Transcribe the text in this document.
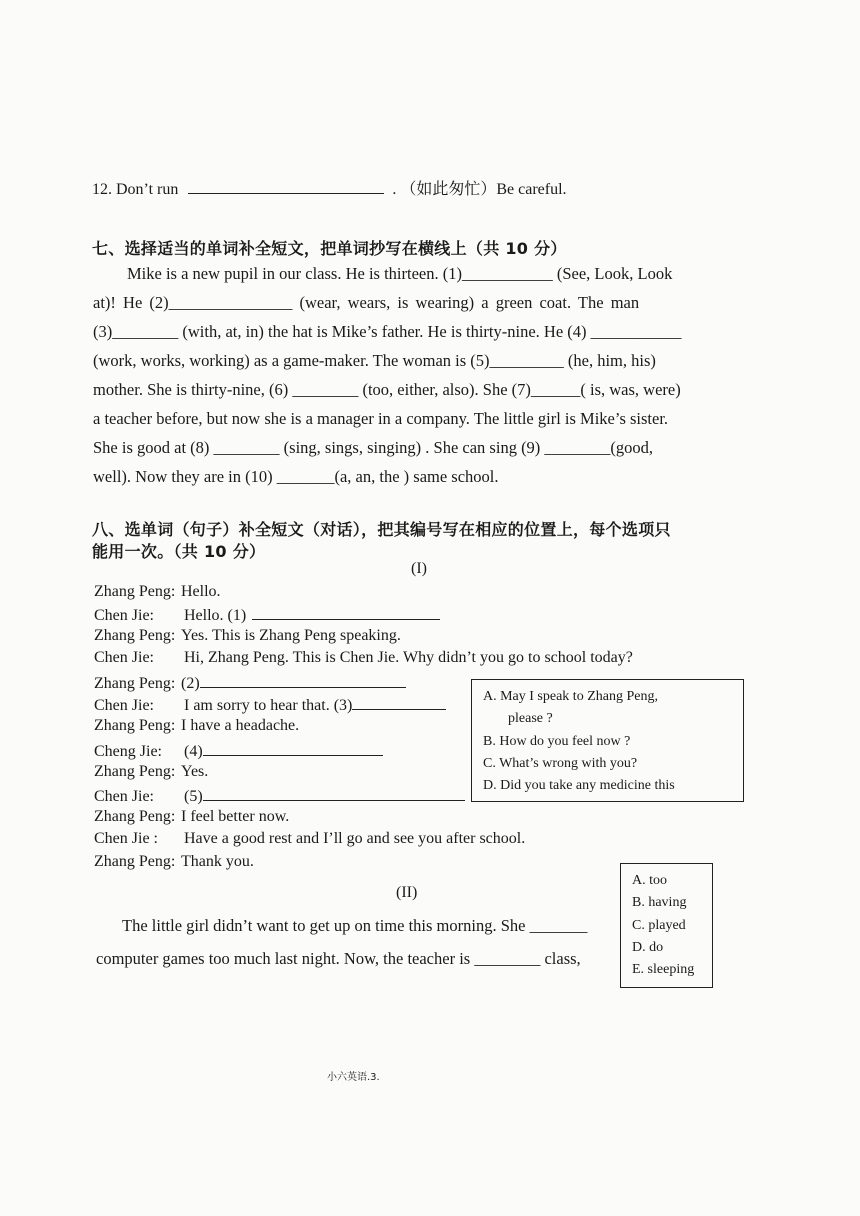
12. Don’t run	. （如此匆忙）Be careful.
七、选择适当的单词补全短文，把单词抄写在横线上（共 10 分）
Mike is a new pupil in our class. He is thirteen. (1)___________ (See, Look, Look
at)! He (2)_______________ (wear, wears, is wearing) a green coat. The man
(3)________ (with, at, in) the hat is Mike’s father. He is thirty-nine. He (4) ___________
(work, works, working) as a game-maker. The woman is (5)_________ (he, him, his)
mother. She is thirty-nine, (6) ________ (too, either, also). She (7)______( is, was, were)
a teacher before, but now she is a manager in a company. The little girl is Mike’s sister.
She is good at (8) ________ (sing, sings, singing) . She can sing (9) ________(good,
well). Now they are in (10) _______(a, an, the ) same school.
八、选单词（句子）补全短文（对话），把其编号写在相应的位置上，每个选项只
能用一次。（共 10 分）
(I)
Zhang Peng: Hello.
Chen Jie: Hello. (1)
Zhang Peng: Yes. This is Zhang Peng speaking.
Chen Jie: Hi, Zhang Peng. This is Chen Jie. Why didn’t you go to school today?
Zhang Peng: (2)
Chen Jie: I am sorry to hear that. (3)
Zhang Peng: I have a headache.
Cheng Jie: (4)
Zhang Peng: Yes.
Chen Jie: (5)
Zhang Peng: I feel better now.
Chen Jie : Have a good rest and I’ll go and see you after school.
Zhang Peng: Thank you.
A. May I speak to Zhang Peng,
please ?
B. How do you feel now ?
C. What’s wrong with you?
D. Did you take any medicine this
(II)
The little girl didn’t want to get up on time this morning. She _______
computer games too much last night. Now, the teacher is ________ class,
A. too
B. having
C. played
D. do
E. sleeping
小六英语.3.
